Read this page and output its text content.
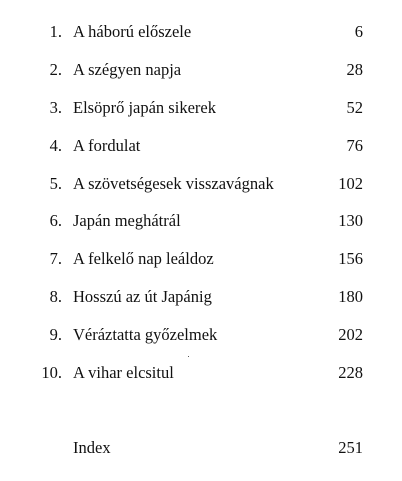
1. A háború előszele	6
2. A szégyen napja	28
3. Elsöprő japán sikerek	52
4. A fordulat	76
5. A szövetségesek visszavágnak	102
6. Japán meghátrál	130
7. A felkelő nap leáldoz	156
8. Hosszú az út Japánig	180
9. Véráztatta győzelmek	202
10. A vihar elcsitul	228
Index	251
